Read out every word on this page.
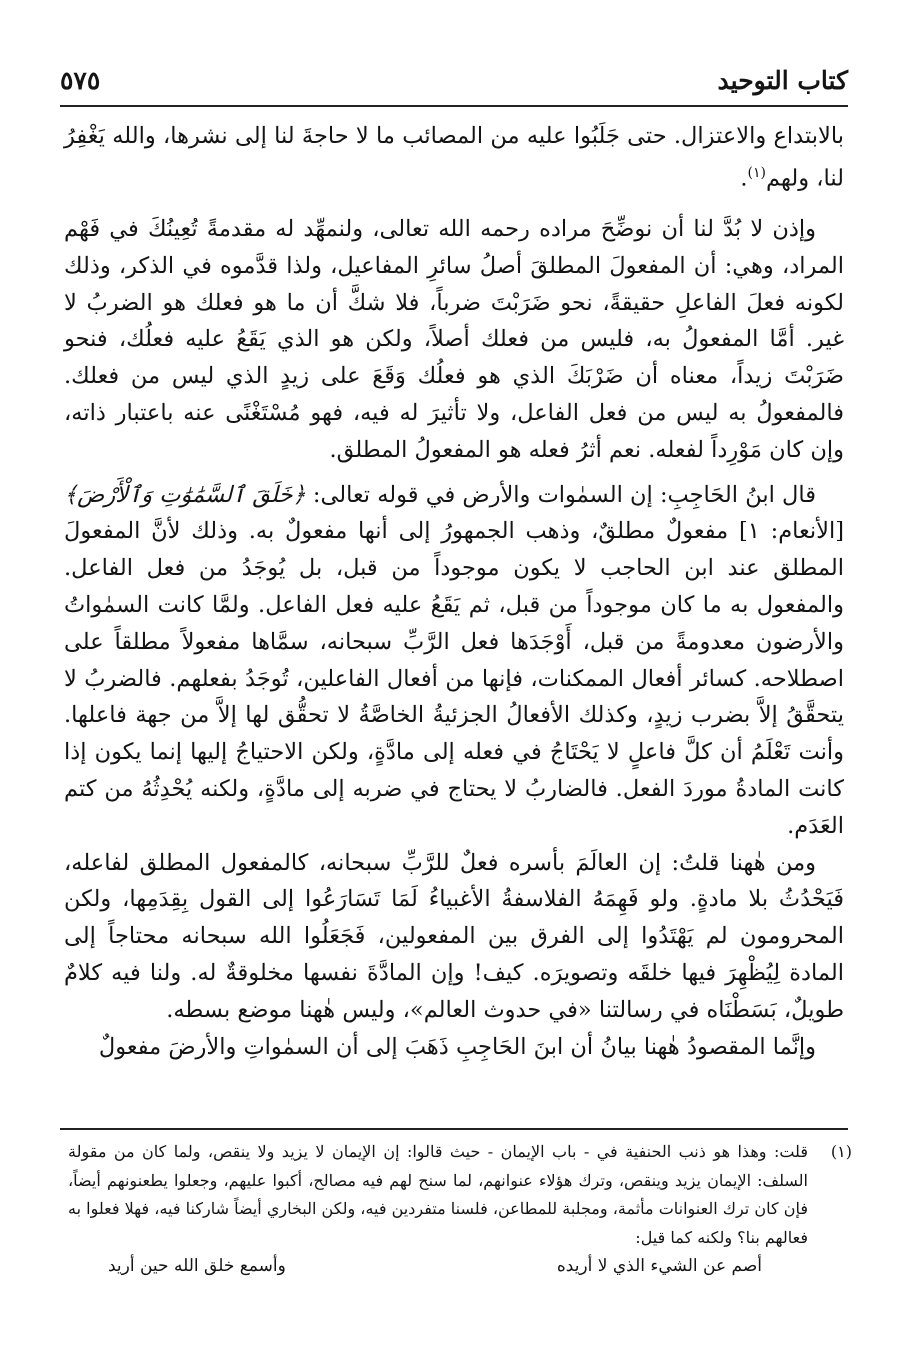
كتاب التوحيد
٥٧٥

بالابتداع والاعتزال. حتى جَلَبُوا عليه من المصائب ما لا حاجةَ لنا إلى نشرها، والله يَغْفِرُ لنا، ولهم$^{(١)}$.

وإذن لا بُدَّ لنا أن نوضِّحَ مراده رحمه الله تعالى، ولنمهِّد له مقدمةً تُعِينُكَ في فَهْم المراد، وهي: أن المفعولَ المطلقَ أصلُ سائرِ المفاعيل، ولذا قدَّموه في الذكر، وذلك لكونه فعلَ الفاعلِ حقيقةً، نحو ضَرَبْتَ ضرباً، فلا شكَّ أن ما هو فعلك هو الضربُ لا غير. أمَّا المفعولُ به، فليس من فعلك أصلاً، ولكن هو الذي يَقَعُ عليه فعلُك، فنحو ضَرَبْتَ زيداً، معناه أن ضَرْبَكَ الذي هو فعلُك وَقَعَ على زيدٍ الذي ليس من فعلك. فالمفعولُ به ليس من فعل الفاعل، ولا تأثيرَ له فيه، فهو مُسْتَغْنًى عنه باعتبار ذاته، وإن كان مَوْرِداً لفعله. نعم أثرُ فعله هو المفعولُ المطلق.

قال ابنُ الحَاجِبِ: إن السمٰوات والأرض في قوله تعالى: ﴿خَلَقَ ٱلسَّمَٰوَٰتِ وَٱلْأَرْضَ﴾ [الأنعام: ١] مفعولٌ مطلقٌ، وذهب الجمهورُ إلى أنها مفعولٌ به. وذلك لأنَّ المفعولَ المطلق عند ابن الحاجب لا يكون موجوداً من قبل، بل يُوجَدُ من فعل الفاعل. والمفعول به ما كان موجوداً من قبل، ثم يَقَعُ عليه فعل الفاعل. ولمَّا كانت السمٰواتُ والأرضون معدومةً من قبل، أَوْجَدَها فعل الرَّبِّ سبحانه، سمَّاها مفعولاً مطلقاً على اصطلاحه. كسائر أفعال الممكنات، فإنها من أفعال الفاعلين، تُوجَدُ بفعلهم. فالضربُ لا يتحقَّقُ إلاَّ بضرب زيدٍ، وكذلك الأفعالُ الجزئيةُ الخاصَّةُ لا تحقُّق لها إلاَّ من جهة فاعلها. وأنت تَعْلَمُ أن كلَّ فاعلٍ لا يَحْتَاجُ في فعله إلى مادَّةٍ، ولكن الاحتياجُ إليها إنما يكون إذا كانت المادةُ موردَ الفعل. فالضاربُ لا يحتاج في ضربه إلى مادَّةٍ، ولكنه يُحْدِثُهُ من كتم العَدَم.

ومن هٰهنا قلتُ: إن العالَمَ بأسره فعلٌ للرَّبِّ سبحانه، كالمفعول المطلق لفاعله، فَيَحْدُثُ بلا مادةٍ. ولو فَهِمَهُ الفلاسفةُ الأغبياءُ لَمَا تَسَارَعُوا إلى القول بِقِدَمِها، ولكن المحرومون لم يَهْتَدُوا إلى الفرق بين المفعولين، فَجَعَلُوا الله سبحانه محتاجاً إلى المادة لِيُظْهِرَ فيها خلقَه وتصويرَه. كيف! وإن المادَّةَ نفسها مخلوقةٌ له. ولنا فيه كلامٌ طويلٌ، بَسَطْنَاه في رسالتنا «في حدوث العالم»، وليس هٰهنا موضع بسطه.

وإنَّما المقصودُ هٰهنا بيانُ أن ابنَ الحَاجِبِ ذَهَبَ إلى أن السمٰواتِ والأرضَ مفعولٌ

(١)
قلت: وهذا هو ذنب الحنفية في - باب الإيمان - حيث قالوا: إن الإيمان لا يزيد ولا ينقص، ولما كان من مقولة السلف: الإيمان يزيد وينقص، وترك هؤلاء عنوانهم، لما سنح لهم فيه مصالح، أكبوا عليهم، وجعلوا يطعنونهم أيضاً، فإن كان ترك العنوانات مأثمة، ومجلبة للمطاعن، فلسنا متفردين فيه، ولكن البخاري أيضاً شاركنا فيه، فهلا فعلوا به فعالهم بنا؟ ولكنه كما قيل:
أصم عن الشيء الذي لا أريده
وأسمع خلق الله حين أريد
